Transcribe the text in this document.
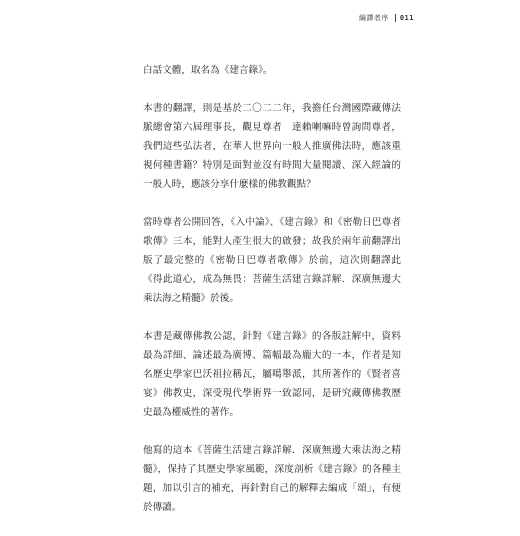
編譯者序 011

白話文體，取名為《建言錄》。

本書的翻譯，則是基於二〇二二年，我擔任台灣國際藏傳法脈總會第六屆理事長，觀見尊者　達賴喇嘛時曾詢問尊者，我們這些弘法者，在華人世界向一般人推廣佛法時，應該重視何種書籍？特別是面對並沒有時間大量閱讀、深入經論的一般人時，應該分享什麼樣的佛教觀點？

當時尊者公開回答，《入中論》、《建言錄》和《密勒日巴尊者歌傳》三本，能對人產生很大的啟發；故我於兩年前翻譯出版了最完整的《密勒日巴尊者歌傳》於前，這次則翻譯此《得此道心，成為無畏：菩薩生活建言錄詳解．深廣無邊大乘法海之精髓》於後。

本書是藏傳佛教公認，針對《建言錄》的各版註解中，資料最為詳細、論述最為廣博、篇幅最為龐大的一本，作者是知名歷史學家巴沃祖拉稱瓦，屬噶舉派，其所著作的《賢者喜宴》佛教史，深受現代學術界一致認同，是研究藏傳佛教歷史最為權威性的著作。

他寫的這本《菩薩生活建言錄詳解．深廣無邊大乘法海之精髓》，保持了其歷史學家風範，深度剖析《建言錄》的各種主題，加以引言的補充，再針對自己的解釋去編成「頌」，有便於傳讀。
